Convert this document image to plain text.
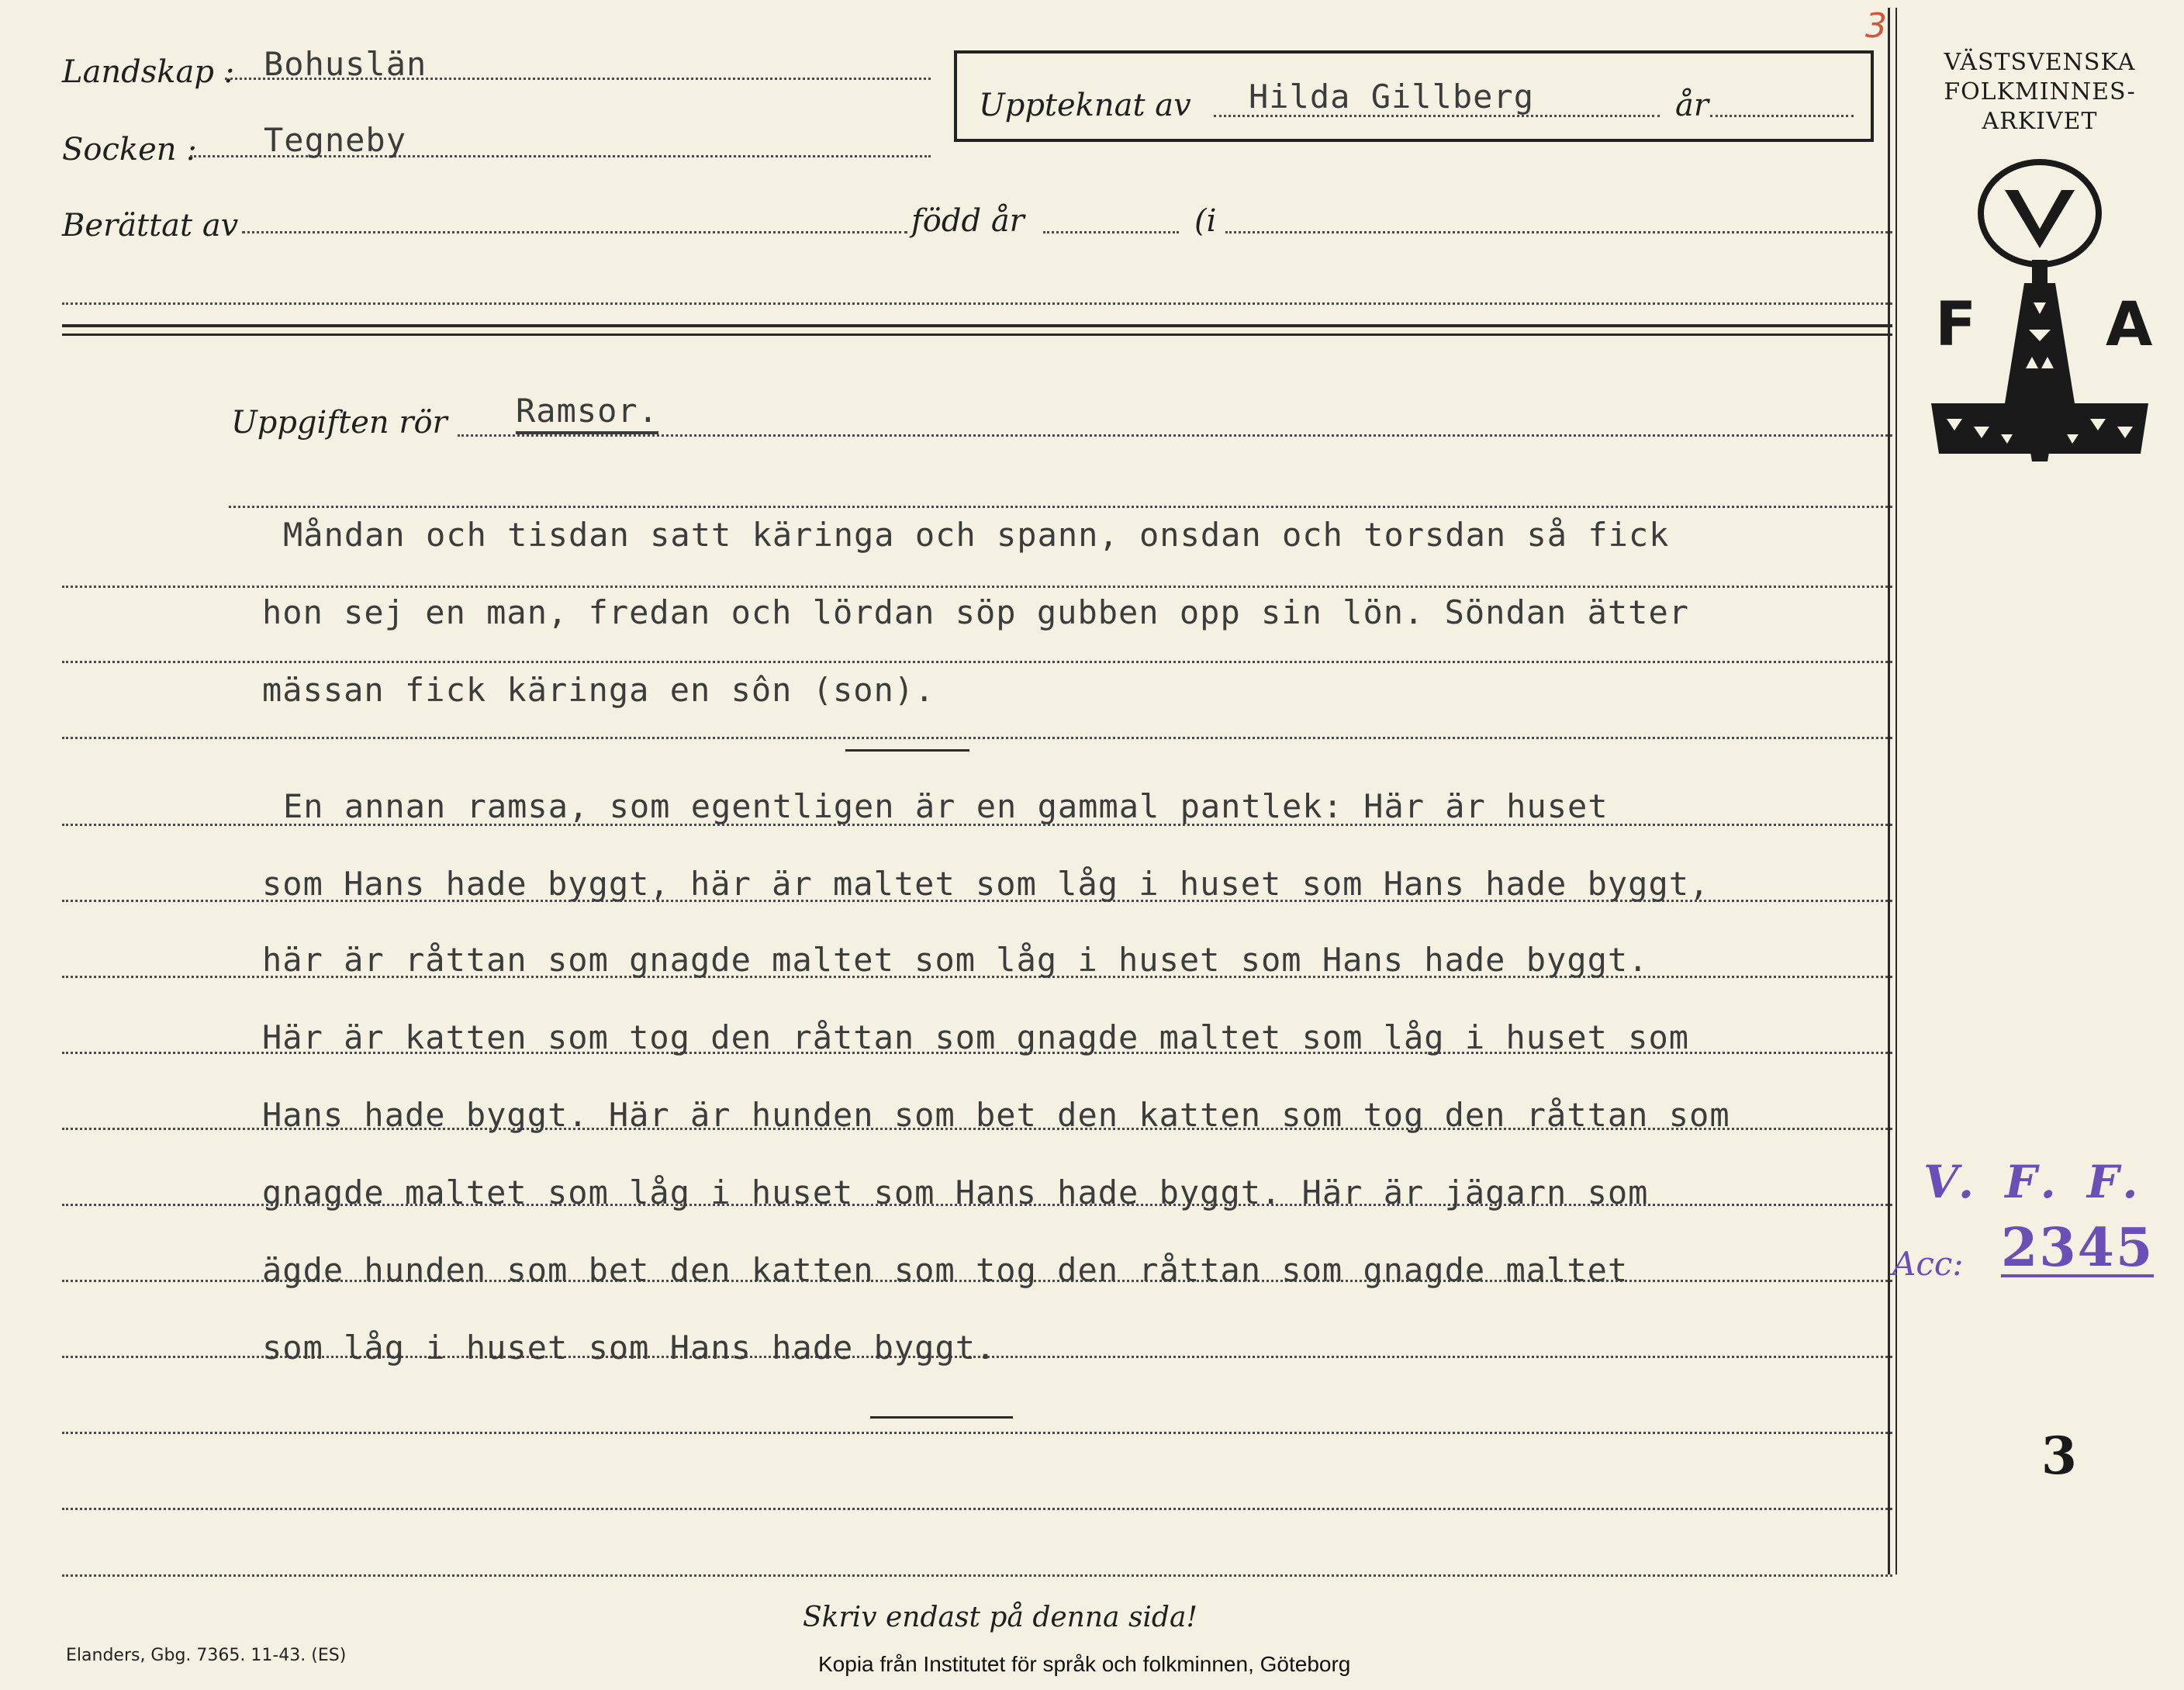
Landskap : Bohuslän
Socken : Tegneby
Berättat av	född år	(i
Uppteknat av Hilda Gillberg	år
3
VÄSTSVENSKA
FOLKMINNES-
ARKIVET
F A
Uppgiften rör Ramsor.
Måndan och tisdan satt käringa och spann, onsdan och torsdan så fick
hon sej en man, fredan och lördan söp gubben opp sin lön. Söndan ätter
mässan fick käringa en sôn (son).
En annan ramsa, som egentligen är en gammal pantlek: Här är huset
som Hans hade byggt, här är maltet som låg i huset som Hans hade byggt,
här är råttan som gnagde maltet som låg i huset som Hans hade byggt.
Här är katten som tog den råttan som gnagde maltet som låg i huset som
Hans hade byggt. Här är hunden som bet den katten som tog den råttan som
gnagde maltet som låg i huset som Hans hade byggt. Här är jägarn som
ägde hunden som bet den katten som tog den råttan som gnagde maltet
som låg i huset som Hans hade byggt.
V. F. F.
Acc: 2345
3
Skriv endast på denna sida!
Elanders, Gbg. 7365. 11-43. (ES)	Kopia från Institutet för språk och folkminnen, Göteborg
